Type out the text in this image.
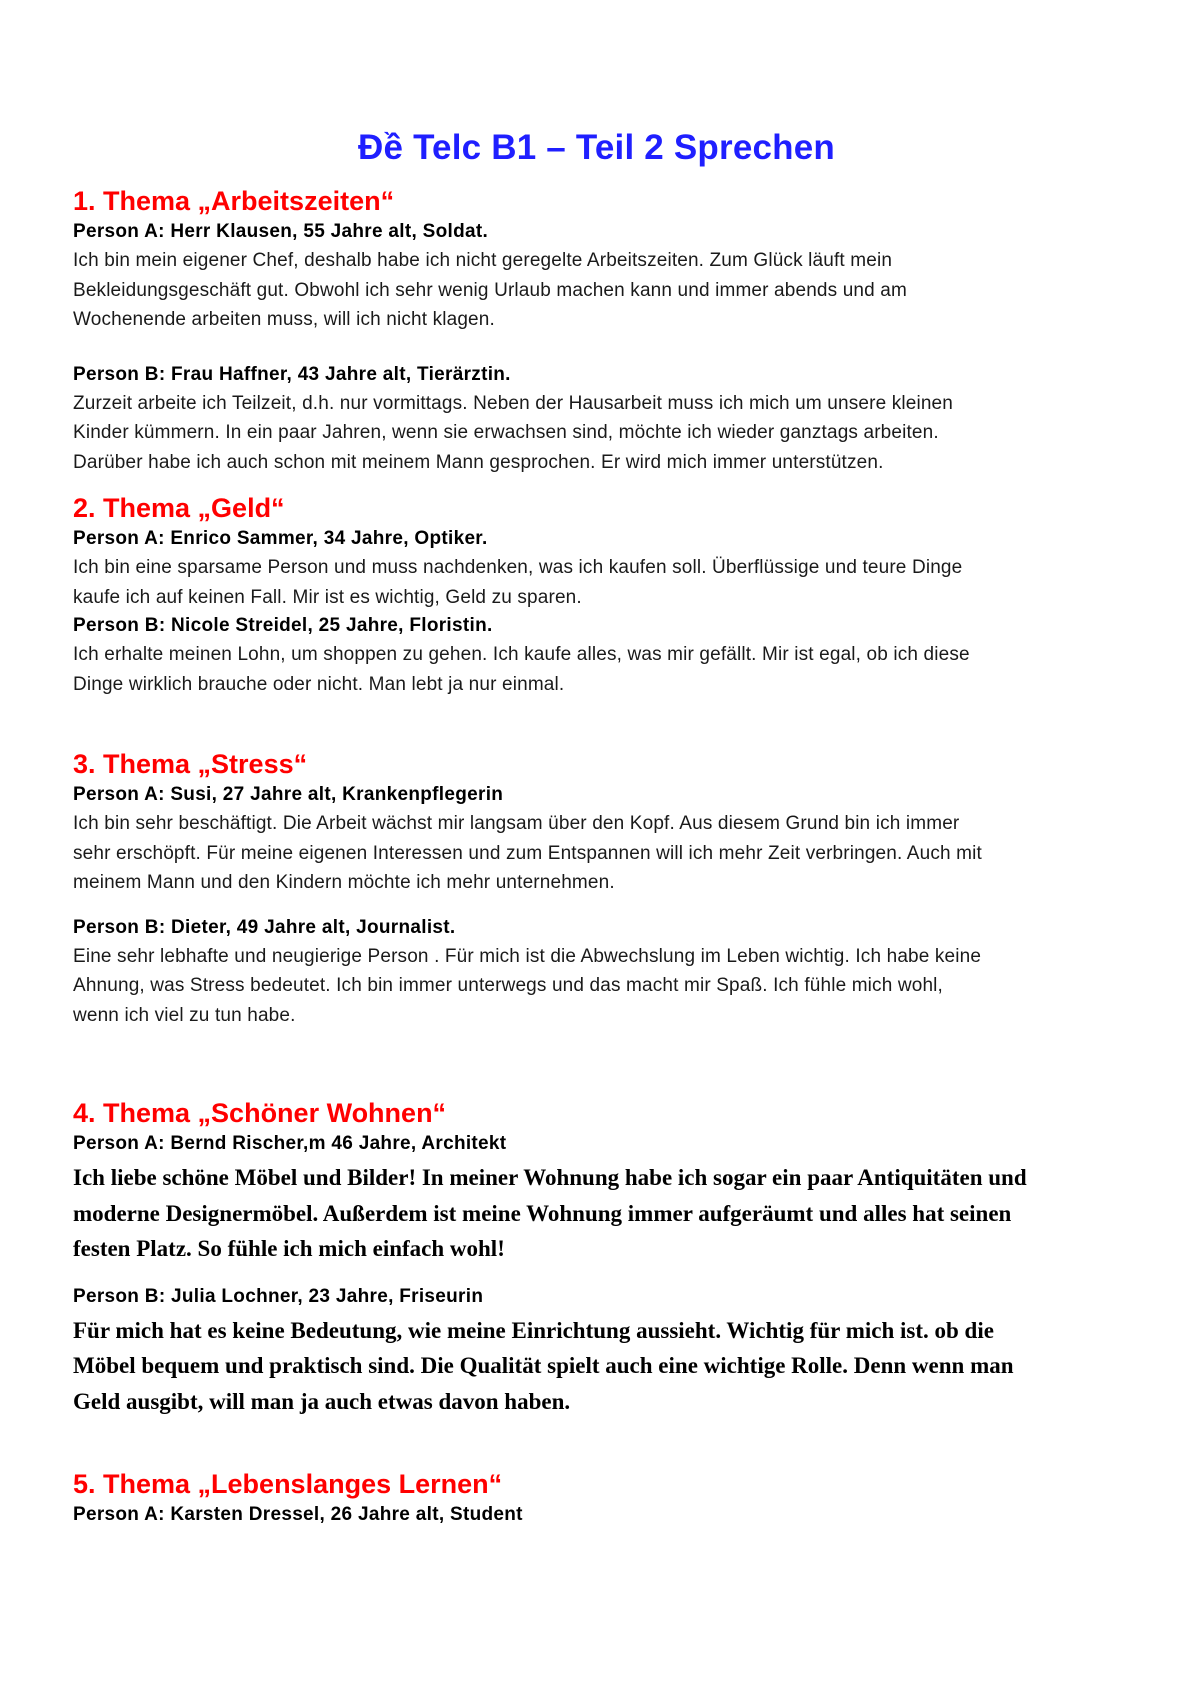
Đề Telc B1 – Teil 2 Sprechen
1. Thema „Arbeitszeiten“

Person A: Herr Klausen, 55 Jahre alt, Soldat.

Ich bin mein eigener Chef, deshalb habe ich nicht geregelte Arbeitszeiten. Zum Glück läuft mein

Bekleidungsgeschäft gut. Obwohl ich sehr wenig Urlaub machen kann und immer abends und am

Wochenende arbeiten muss, will ich nicht klagen.

Person B: Frau Haffner, 43 Jahre alt, Tierärztin.

Zurzeit arbeite ich Teilzeit, d.h. nur vormittags. Neben der Hausarbeit muss ich mich um unsere kleinen

Kinder kümmern. In ein paar Jahren, wenn sie erwachsen sind, möchte ich wieder ganztags arbeiten.

Darüber habe ich auch schon mit meinem Mann gesprochen. Er wird mich immer unterstützen.

2. Thema „Geld“

Person A: Enrico Sammer, 34 Jahre, Optiker.

Ich bin eine sparsame Person und muss nachdenken, was ich kaufen soll. Überflüssige und teure Dinge

kaufe ich auf keinen Fall. Mir ist es wichtig, Geld zu sparen.

Person B: Nicole Streidel, 25 Jahre, Floristin.

Ich erhalte meinen Lohn, um shoppen zu gehen. Ich kaufe alles, was mir gefällt. Mir ist egal, ob ich diese

Dinge wirklich brauche oder nicht. Man lebt ja nur einmal.

3. Thema „Stress“

Person A: Susi, 27 Jahre alt, Krankenpflegerin

Ich bin sehr beschäftigt. Die Arbeit wächst mir langsam über den Kopf. Aus diesem Grund bin ich immer

sehr erschöpft. Für meine eigenen Interessen und zum Entspannen will ich mehr Zeit verbringen. Auch mit

meinem Mann und den Kindern möchte ich mehr unternehmen.

Person B: Dieter, 49 Jahre alt, Journalist.

Eine sehr lebhafte und neugierige Person . Für mich ist die Abwechslung im Leben wichtig. Ich habe keine

Ahnung, was Stress bedeutet. Ich bin immer unterwegs und das macht mir Spaß. Ich fühle mich wohl,

wenn ich viel zu tun habe.

4. Thema „Schöner Wohnen“

Person A: Bernd Rischer,m 46 Jahre, Architekt

Ich liebe schöne Möbel und Bilder! In meiner Wohnung habe ich sogar ein paar Antiquitäten und

moderne Designermöbel. Außerdem ist meine Wohnung immer aufgeräumt und alles hat seinen

festen Platz. So fühle ich mich einfach wohl!

Person B: Julia Lochner, 23 Jahre, Friseurin

Für mich hat es keine Bedeutung, wie meine Einrichtung aussieht. Wichtig für mich ist. ob die

Möbel bequem und praktisch sind. Die Qualität spielt auch eine wichtige Rolle. Denn wenn man

Geld ausgibt, will man ja auch etwas davon haben.

5. Thema „Lebenslanges Lernen“

Person A: Karsten Dressel, 26 Jahre alt, Student
